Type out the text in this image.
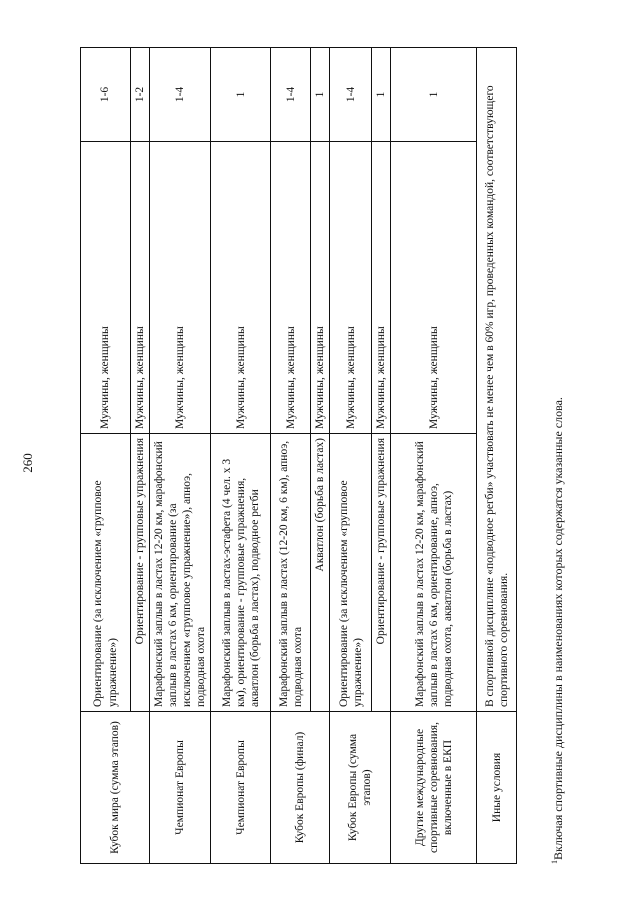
260
Кубок мира (сумма этапов)	Ориентирование (за исключением «групповое упражнение»)	Мужчины, женщины	1-6
	Ориентирование - групповые упражнения	Мужчины, женщины	1-2
Чемпионат Европы	Марафонский заплыв в ластах 12-20 км, марафонский заплыв в ластах 6 км, ориентирование (за исключением «групповое упражнение»), апноэ, подводная охота	Мужчины, женщины	1-4
Чемпионат Европы	Марафонский заплыв в ластах-эстафета (4 чел. х 3 км), ориентирование - групповые упражнения, акватлон (борьба в ластах), подводное регби	Мужчины, женщины	1
Кубок Европы (финал)	Марафонский заплыв в ластах (12-20 км, 6 км), апноэ, подводная охота	Мужчины, женщины	1-4
	Акватлон (борьба в ластах)	Мужчины, женщины	1
Кубок Европы (сумма этапов)	Ориентирование (за исключением «групповое упражнение»)	Мужчины, женщины	1-4
	Ориентирование - групповые упражнения	Мужчины, женщины	1
Другие международные спортивные соревнования, включенные в ЕКП	Марафонский заплыв в ластах 12-20 км, марафонский заплыв в ластах 6 км, ориентирование, апноэ, подводная охота, акватлон (борьба в ластах)	Мужчины, женщины	1
Иные условия	В спортивной дисциплине «подводное регби» участвовать не менее чем в 60% игр, проведенных командой, соответствующего спортивного соревнования.		
$^1$Включая спортивные дисциплины в наименованиях которых содержатся указанные слова.
